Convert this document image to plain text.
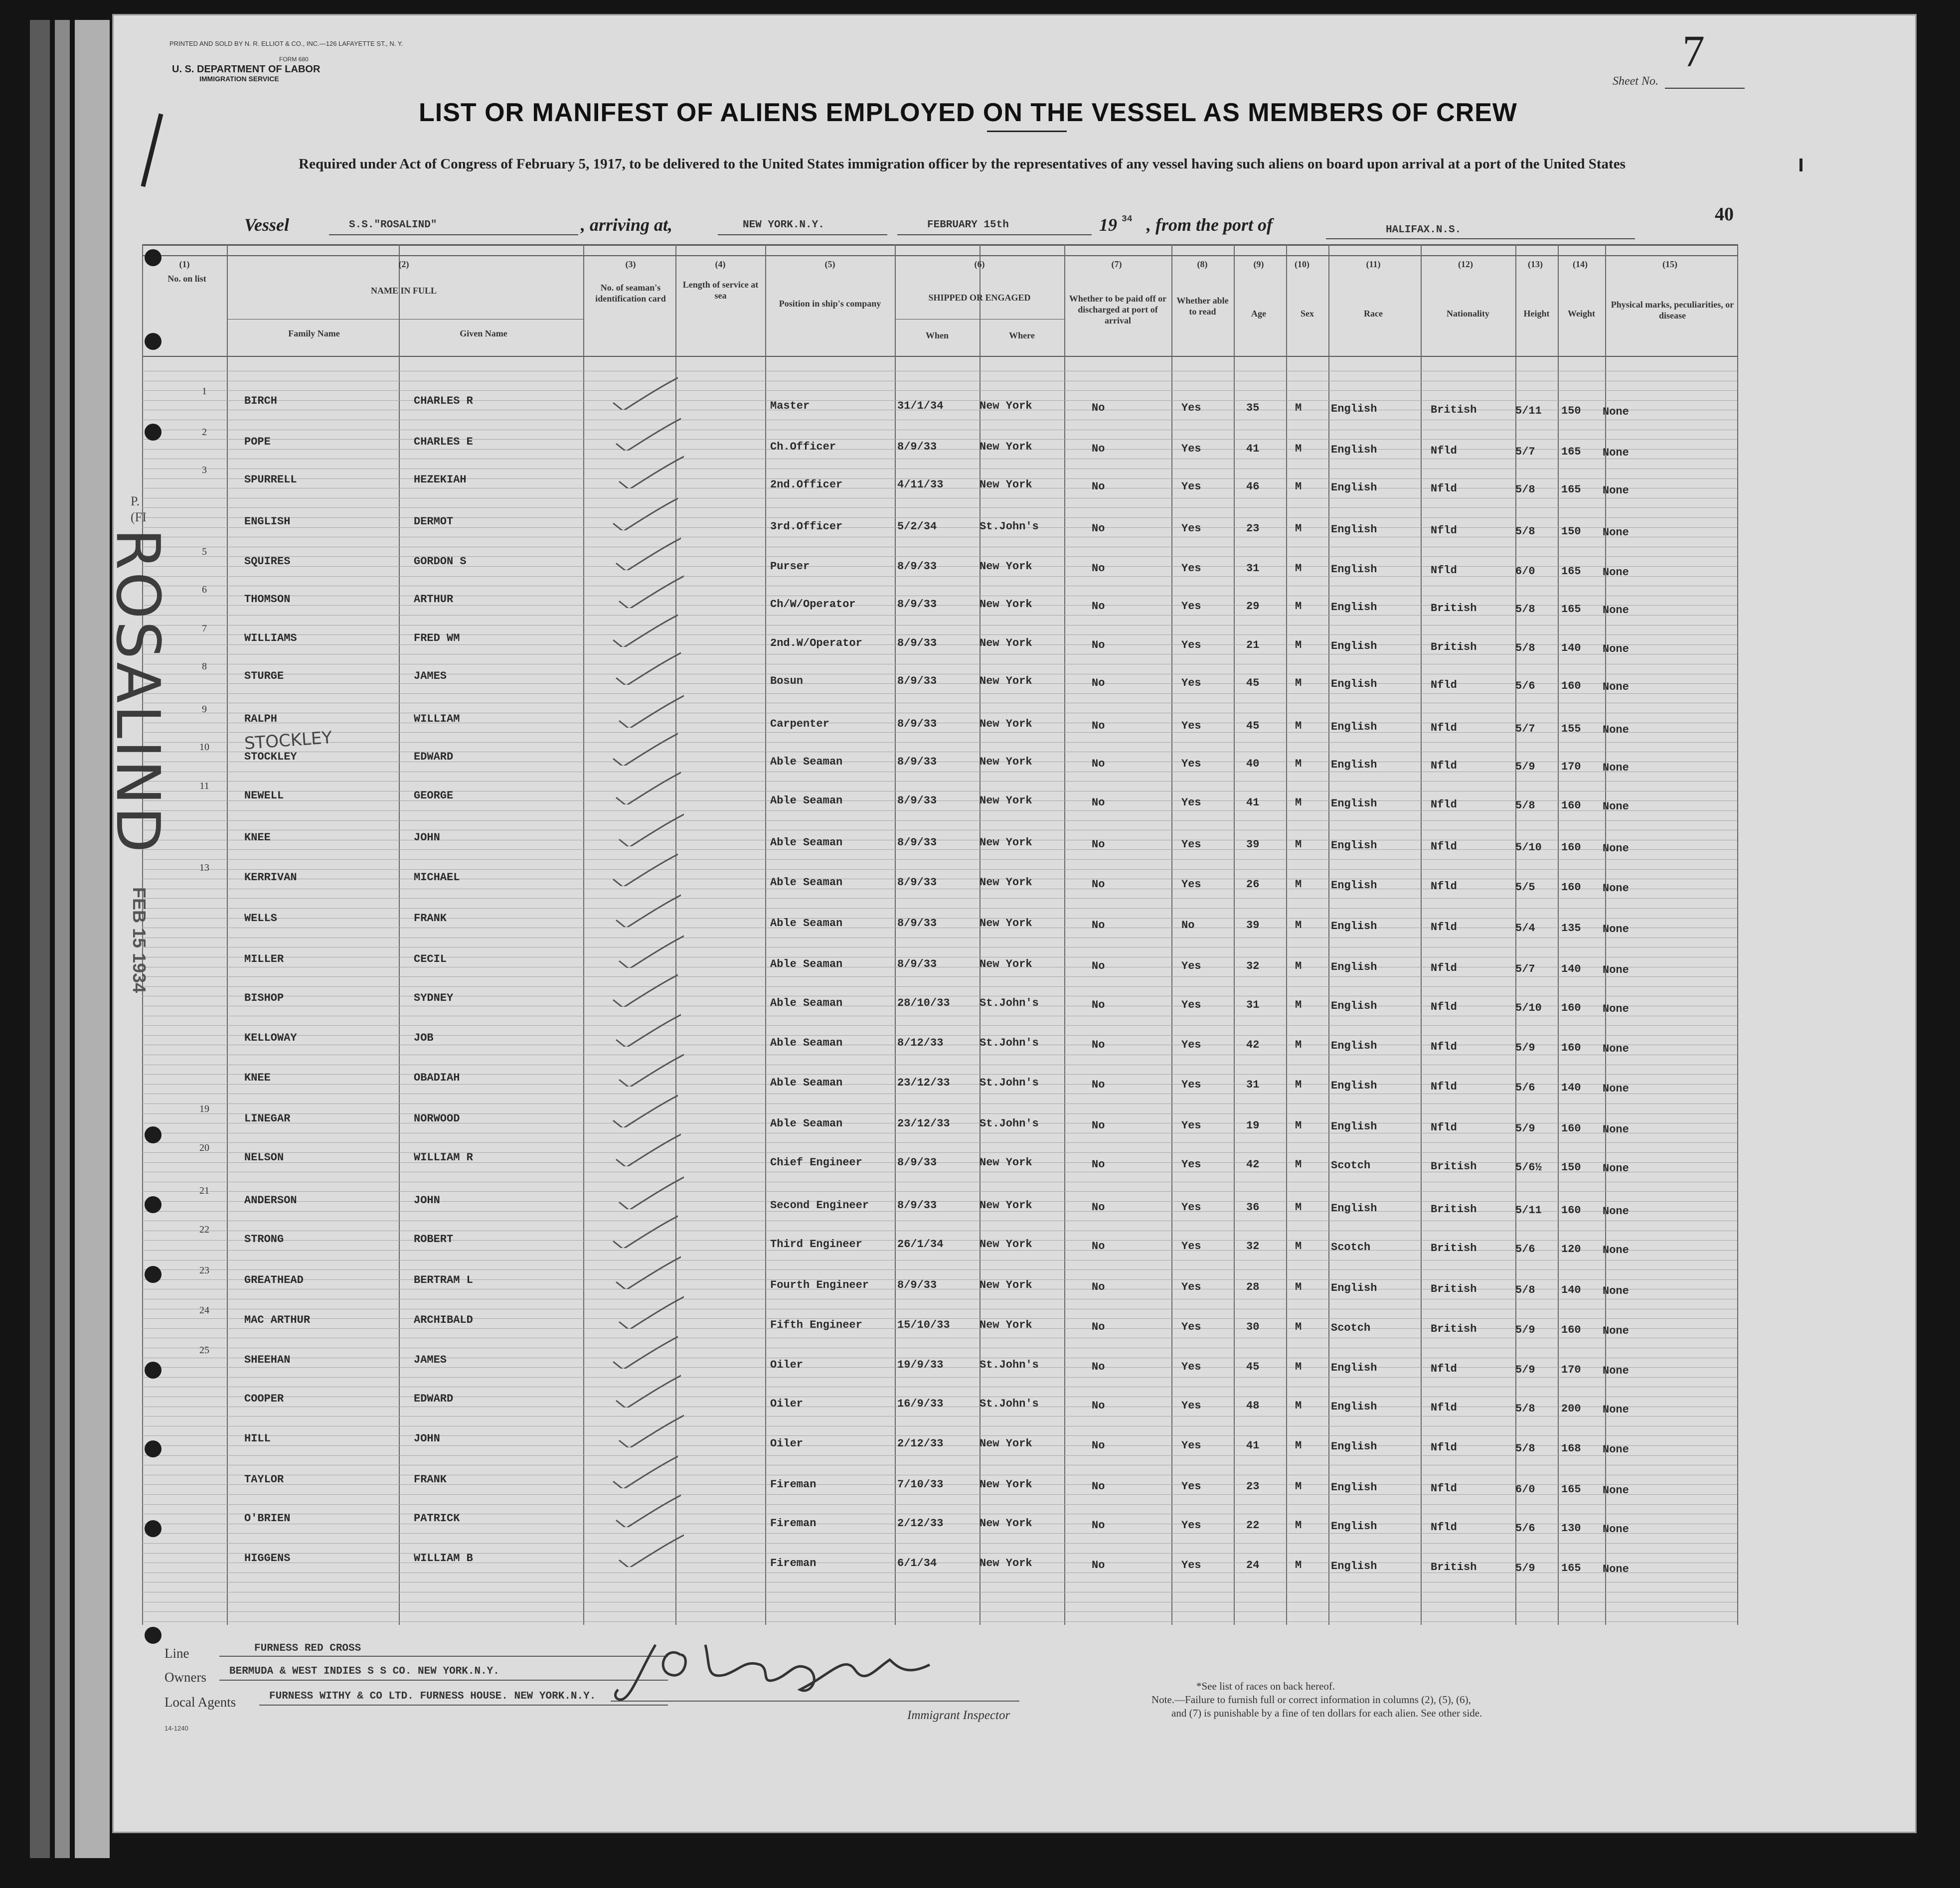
PRINTED AND SOLD BY N. R. ELLIOT & CO., INC.—126 LAFAYETTE ST., N. Y.
FORM 680
U. S. DEPARTMENT OF LABOR
IMMIGRATION SERVICE
LIST OR MANIFEST OF ALIENS EMPLOYED ON THE VESSEL AS MEMBERS OF CREW
Required under Act of Congress of February 5, 1917, to be delivered to the United States immigration officer by the representatives of any vessel having such aliens on board upon arrival at a port of the United States
Sheet No.
7
40
Vessel	S.S."ROSALIND"	, arriving at,	NEW YORK.N.Y.	FEBRUARY 15th	19 34 , from the port of	HALIFAX.N.S.
(1)	(2)	(3)	(4)	(5)	(6)	(7)	(8)	(9)	(10)	(11)	(12)	(13)	(14)	(15)
No. on list
NAME IN FULL
Family Name	Given Name
No. of seaman's identification card
Length of service at sea
Position in ship's company
SHIPPED OR ENGAGED
When	Where
Whether to be paid off or discharged at port of arrival
Whether able to read	Age	Sex	Race	Nationality	Height	Weight
Physical marks, peculiarities, or disease
1
BIRCH	CHARLES R	Master	31/1/34	New York	No	Yes	35	M	English	British	5/11 150 None
2
POPE	CHARLES E	Ch.Officer	8/9/33	New York	No	Yes	41	M	English	Nfld	5/7 165 None
3
SPURRELL	HEZEKIAH	2nd.Officer	4/11/33	New York	No	Yes	46	M	English	Nfld	5/8 165 None
ENGLISH	DERMOT	3rd.Officer	5/2/34	St.John's	No	Yes	23	M	English	Nfld	5/8 150 None
5
SQUIRES	GORDON S	Purser	8/9/33	New York	No	Yes	31	M	English	Nfld	6/0 165 None
6
THOMSON	ARTHUR	Ch/W/Operator	8/9/33	New York	No	Yes	29	M	English	British	5/8 165 None
7
WILLIAMS	FRED WM	2nd.W/Operator	8/9/33	New York	No	Yes	21	M	English	British	5/8 140 None
8
STURGE	JAMES	Bosun	8/9/33	New York	No	Yes	45	M	English	Nfld	5/6 160 None
9
RALPH	WILLIAM	Carpenter	8/9/33	New York	No	Yes	45	M	English	Nfld	5/7 155 None
10
STOCKLEY	EDWARD	Able Seaman	8/9/33	New York	No	Yes	40	M	English	Nfld	5/9 170 None
11
NEWELL	GEORGE	Able Seaman	8/9/33	New York	No	Yes	41	M	English	Nfld	5/8 160 None
KNEE	JOHN	Able Seaman	8/9/33	New York	No	Yes	39	M	English	Nfld	5/10 160 None
13
KERRIVAN	MICHAEL	Able Seaman	8/9/33	New York	No	Yes	26	M	English	Nfld	5/5 160 None
WELLS	FRANK	Able Seaman	8/9/33	New York	No	No	39	M	English	Nfld	5/4 135 None
MILLER	CECIL	Able Seaman	8/9/33	New York	No	Yes	32	M	English	Nfld	5/7 140 None
BISHOP	SYDNEY	Able Seaman	28/10/33	St.John's	No	Yes	31	M	English	Nfld	5/10 160 None
KELLOWAY	JOB	Able Seaman	8/12/33	St.John's	No	Yes	42	M	English	Nfld	5/9 160 None
KNEE	OBADIAH	Able Seaman	23/12/33	St.John's	No	Yes	31	M	English	Nfld	5/6 140 None
19
LINEGAR	NORWOOD	Able Seaman	23/12/33	St.John's	No	Yes	19	M	English	Nfld	5/9 160 None
20
NELSON	WILLIAM R	Chief Engineer	8/9/33	New York	No	Yes	42	M	Scotch	British	5/6½ 150 None
21
ANDERSON	JOHN	Second Engineer	8/9/33	New York	No	Yes	36	M	English	British	5/11 160 None
22
STRONG	ROBERT	Third Engineer	26/1/34	New York	No	Yes	32	M	Scotch	British	5/6 120 None
23
GREATHEAD	BERTRAM L	Fourth Engineer	8/9/33	New York	No	Yes	28	M	English	British	5/8 140 None
24
MAC ARTHUR	ARCHIBALD	Fifth Engineer	15/10/33	New York	No	Yes	30	M	Scotch	British	5/9 160 None
25
SHEEHAN	JAMES	Oiler	19/9/33	St.John's	No	Yes	45	M	English	Nfld	5/9 170 None
COOPER	EDWARD	Oiler	16/9/33	St.John's	No	Yes	48	M	English	Nfld	5/8 200 None
HILL	JOHN	Oiler	2/12/33	New York	No	Yes	41	M	English	Nfld	5/8 168 None
TAYLOR	FRANK	Fireman	7/10/33	New York	No	Yes	23	M	English	Nfld	6/0 165 None
O'BRIEN	PATRICK	Fireman	2/12/33	New York	No	Yes	22	M	English	Nfld	5/6 130 None
HIGGENS	WILLIAM B	Fireman	6/1/34	New York	No	Yes	24	M	English	British	5/9 165 None
STOCKLEY
ROSALIND
FEB 15 1934
P.
(FI
Line	FURNESS RED CROSS
Owners BERMUDA & WEST INDIES S S CO. NEW YORK.N.Y.
Local Agents	FURNESS WITHY & CO LTD. FURNESS HOUSE. NEW YORK.N.Y.
Immigrant Inspector
*See list of races on back hereof.
Note.—Failure to furnish full or correct information in columns (2), (5), (6),
and (7) is punishable by a fine of ten dollars for each alien. See other side.
14-1240
